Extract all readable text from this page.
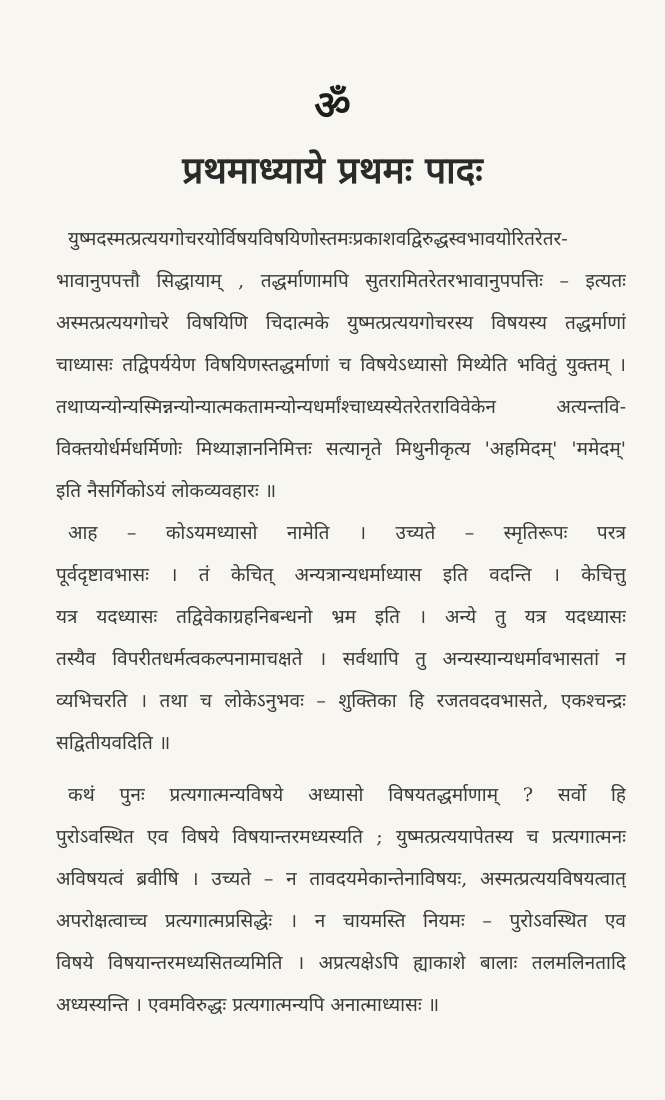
ॐ
प्रथमाध्याये प्रथमः पादः
युष्मदस्मत्प्रत्ययगोचरयोर्विषयविषयिणोस्तमःप्रकाशवद्विरुद्धस्वभावयोरितरेतर-
भावानुपपत्तौ सिद्धायाम् , तद्धर्माणामपि सुतरामितरेतरभावानुपपत्तिः – इत्यतः
अस्मत्प्रत्ययगोचरे विषयिणि चिदात्मके युष्मत्प्रत्ययगोचरस्य विषयस्य तद्धर्माणां
चाध्यासः तद्विपर्ययेण विषयिणस्तद्धर्माणां च विषयेऽध्यासो मिथ्येति भवितुं युक्तम् ।
तथाप्यन्योन्यस्मिन्नन्योन्यात्मकतामन्योन्यधर्मांश्चाध्यस्येतरेतराविवेकेन अत्यन्तवि-
विक्तयोर्धर्मधर्मिणोः मिथ्याज्ञाननिमित्तः सत्यानृते मिथुनीकृत्य 'अहमिदम्' 'ममेदम्'
इति नैसर्गिकोऽयं लोकव्यवहारः ॥
आह – कोऽयमध्यासो नामेति । उच्यते – स्मृतिरूपः परत्र
पूर्वदृष्टावभासः । तं केचित् अन्यत्रान्यधर्माध्यास इति वदन्ति । केचित्तु
यत्र यदध्यासः तद्विवेकाग्रहनिबन्धनो भ्रम इति । अन्ये तु यत्र यदध्यासः
तस्यैव विपरीतधर्मत्वकल्पनामाचक्षते । सर्वथापि तु अन्यस्यान्यधर्मावभासतां न
व्यभिचरति । तथा च लोकेऽनुभवः – शुक्तिका हि रजतवदवभासते, एकश्चन्द्रः
सद्वितीयवदिति ॥
कथं पुनः प्रत्यगात्मन्यविषये अध्यासो विषयतद्धर्माणाम् ? सर्वो हि
पुरोऽवस्थित एव विषये विषयान्तरमध्यस्यति ; युष्मत्प्रत्ययापेतस्य च प्रत्यगात्मनः
अविषयत्वं ब्रवीषि । उच्यते – न तावदयमेकान्तेनाविषयः, अस्मत्प्रत्ययविषयत्वात्
अपरोक्षत्वाच्च प्रत्यगात्मप्रसिद्धेः । न चायमस्ति नियमः – पुरोऽवस्थित एव
विषये विषयान्तरमध्यसितव्यमिति । अप्रत्यक्षेऽपि ह्याकाशे बालाः तलमलिनतादि
अध्यस्यन्ति । एवमविरुद्धः प्रत्यगात्मन्यपि अनात्माध्यासः ॥
